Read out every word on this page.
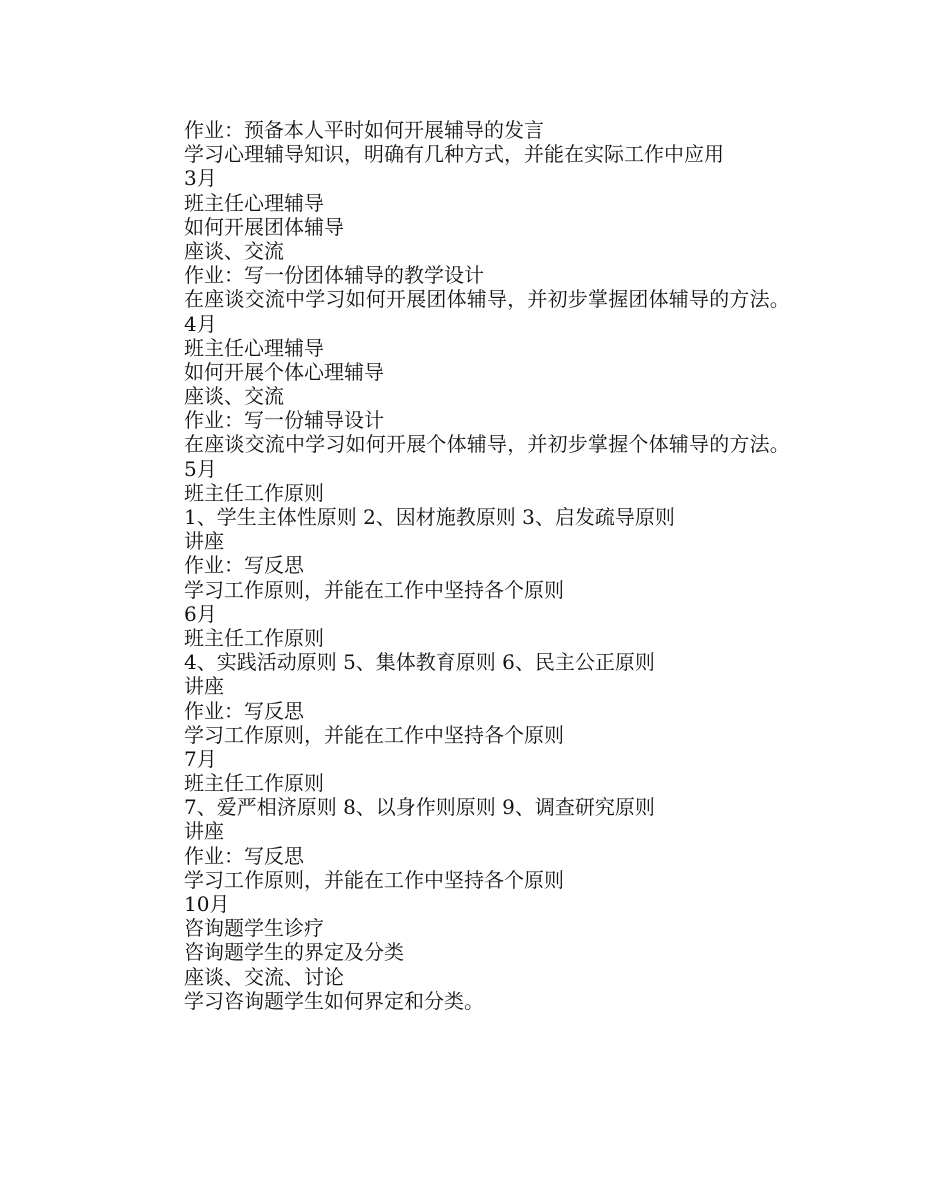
作业：预备本人平时如何开展辅导的发言
学习心理辅导知识，明确有几种方式，并能在实际工作中应用
3月
班主任心理辅导
如何开展团体辅导
座谈、交流
作业：写一份团体辅导的教学设计
在座谈交流中学习如何开展团体辅导，并初步掌握团体辅导的方法。
4月
班主任心理辅导
如何开展个体心理辅导
座谈、交流
作业：写一份辅导设计
在座谈交流中学习如何开展个体辅导，并初步掌握个体辅导的方法。
5月
班主任工作原则
1、学生主体性原则 2、因材施教原则 3、启发疏导原则
讲座
作业：写反思
学习工作原则，并能在工作中坚持各个原则
6月
班主任工作原则
4、实践活动原则 5、集体教育原则 6、民主公正原则
讲座
作业：写反思
学习工作原则，并能在工作中坚持各个原则
7月
班主任工作原则
7、爱严相济原则 8、以身作则原则 9、调查研究原则
讲座
作业：写反思
学习工作原则，并能在工作中坚持各个原则
10月
咨询题学生诊疗
咨询题学生的界定及分类
座谈、交流、讨论
学习咨询题学生如何界定和分类。
